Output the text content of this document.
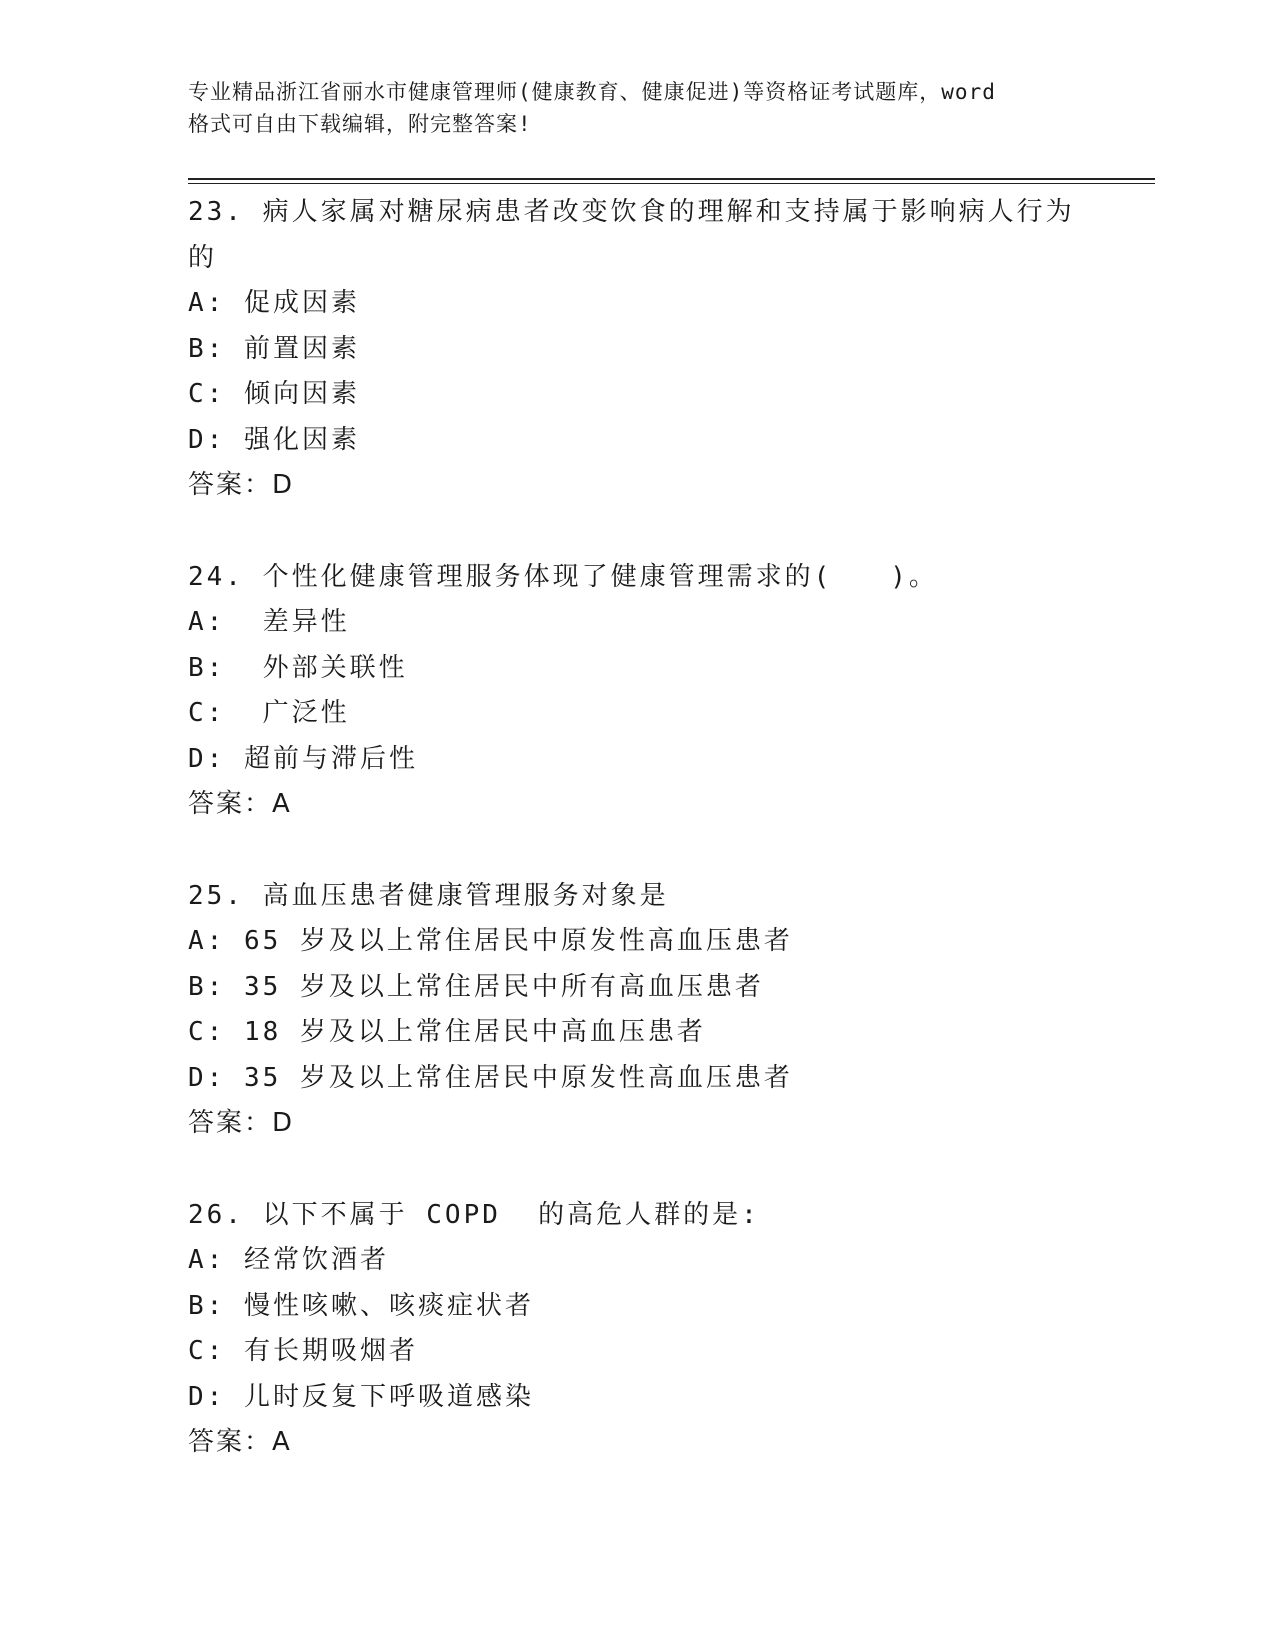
专业精品浙江省丽水市健康管理师(健康教育、健康促进)等资格证考试题库，word
格式可自由下载编辑，附完整答案!
23. 病人家属对糖尿病患者改变饮食的理解和支持属于影响病人行为
的
A: 促成因素
B: 前置因素
C: 倾向因素
D: 强化因素
答案：D
24. 个性化健康管理服务体现了健康管理需求的(　　)。
A:  差异性
B:  外部关联性
C:  广泛性
D: 超前与滞后性
答案：A
25. 高血压患者健康管理服务对象是
A: 65 岁及以上常住居民中原发性高血压患者
B: 35 岁及以上常住居民中所有高血压患者
C: 18 岁及以上常住居民中高血压患者
D: 35 岁及以上常住居民中原发性高血压患者
答案：D
26. 以下不属于 COPD  的高危人群的是:
A: 经常饮酒者
B: 慢性咳嗽、咳痰症状者
C: 有长期吸烟者
D: 儿时反复下呼吸道感染
答案：A
